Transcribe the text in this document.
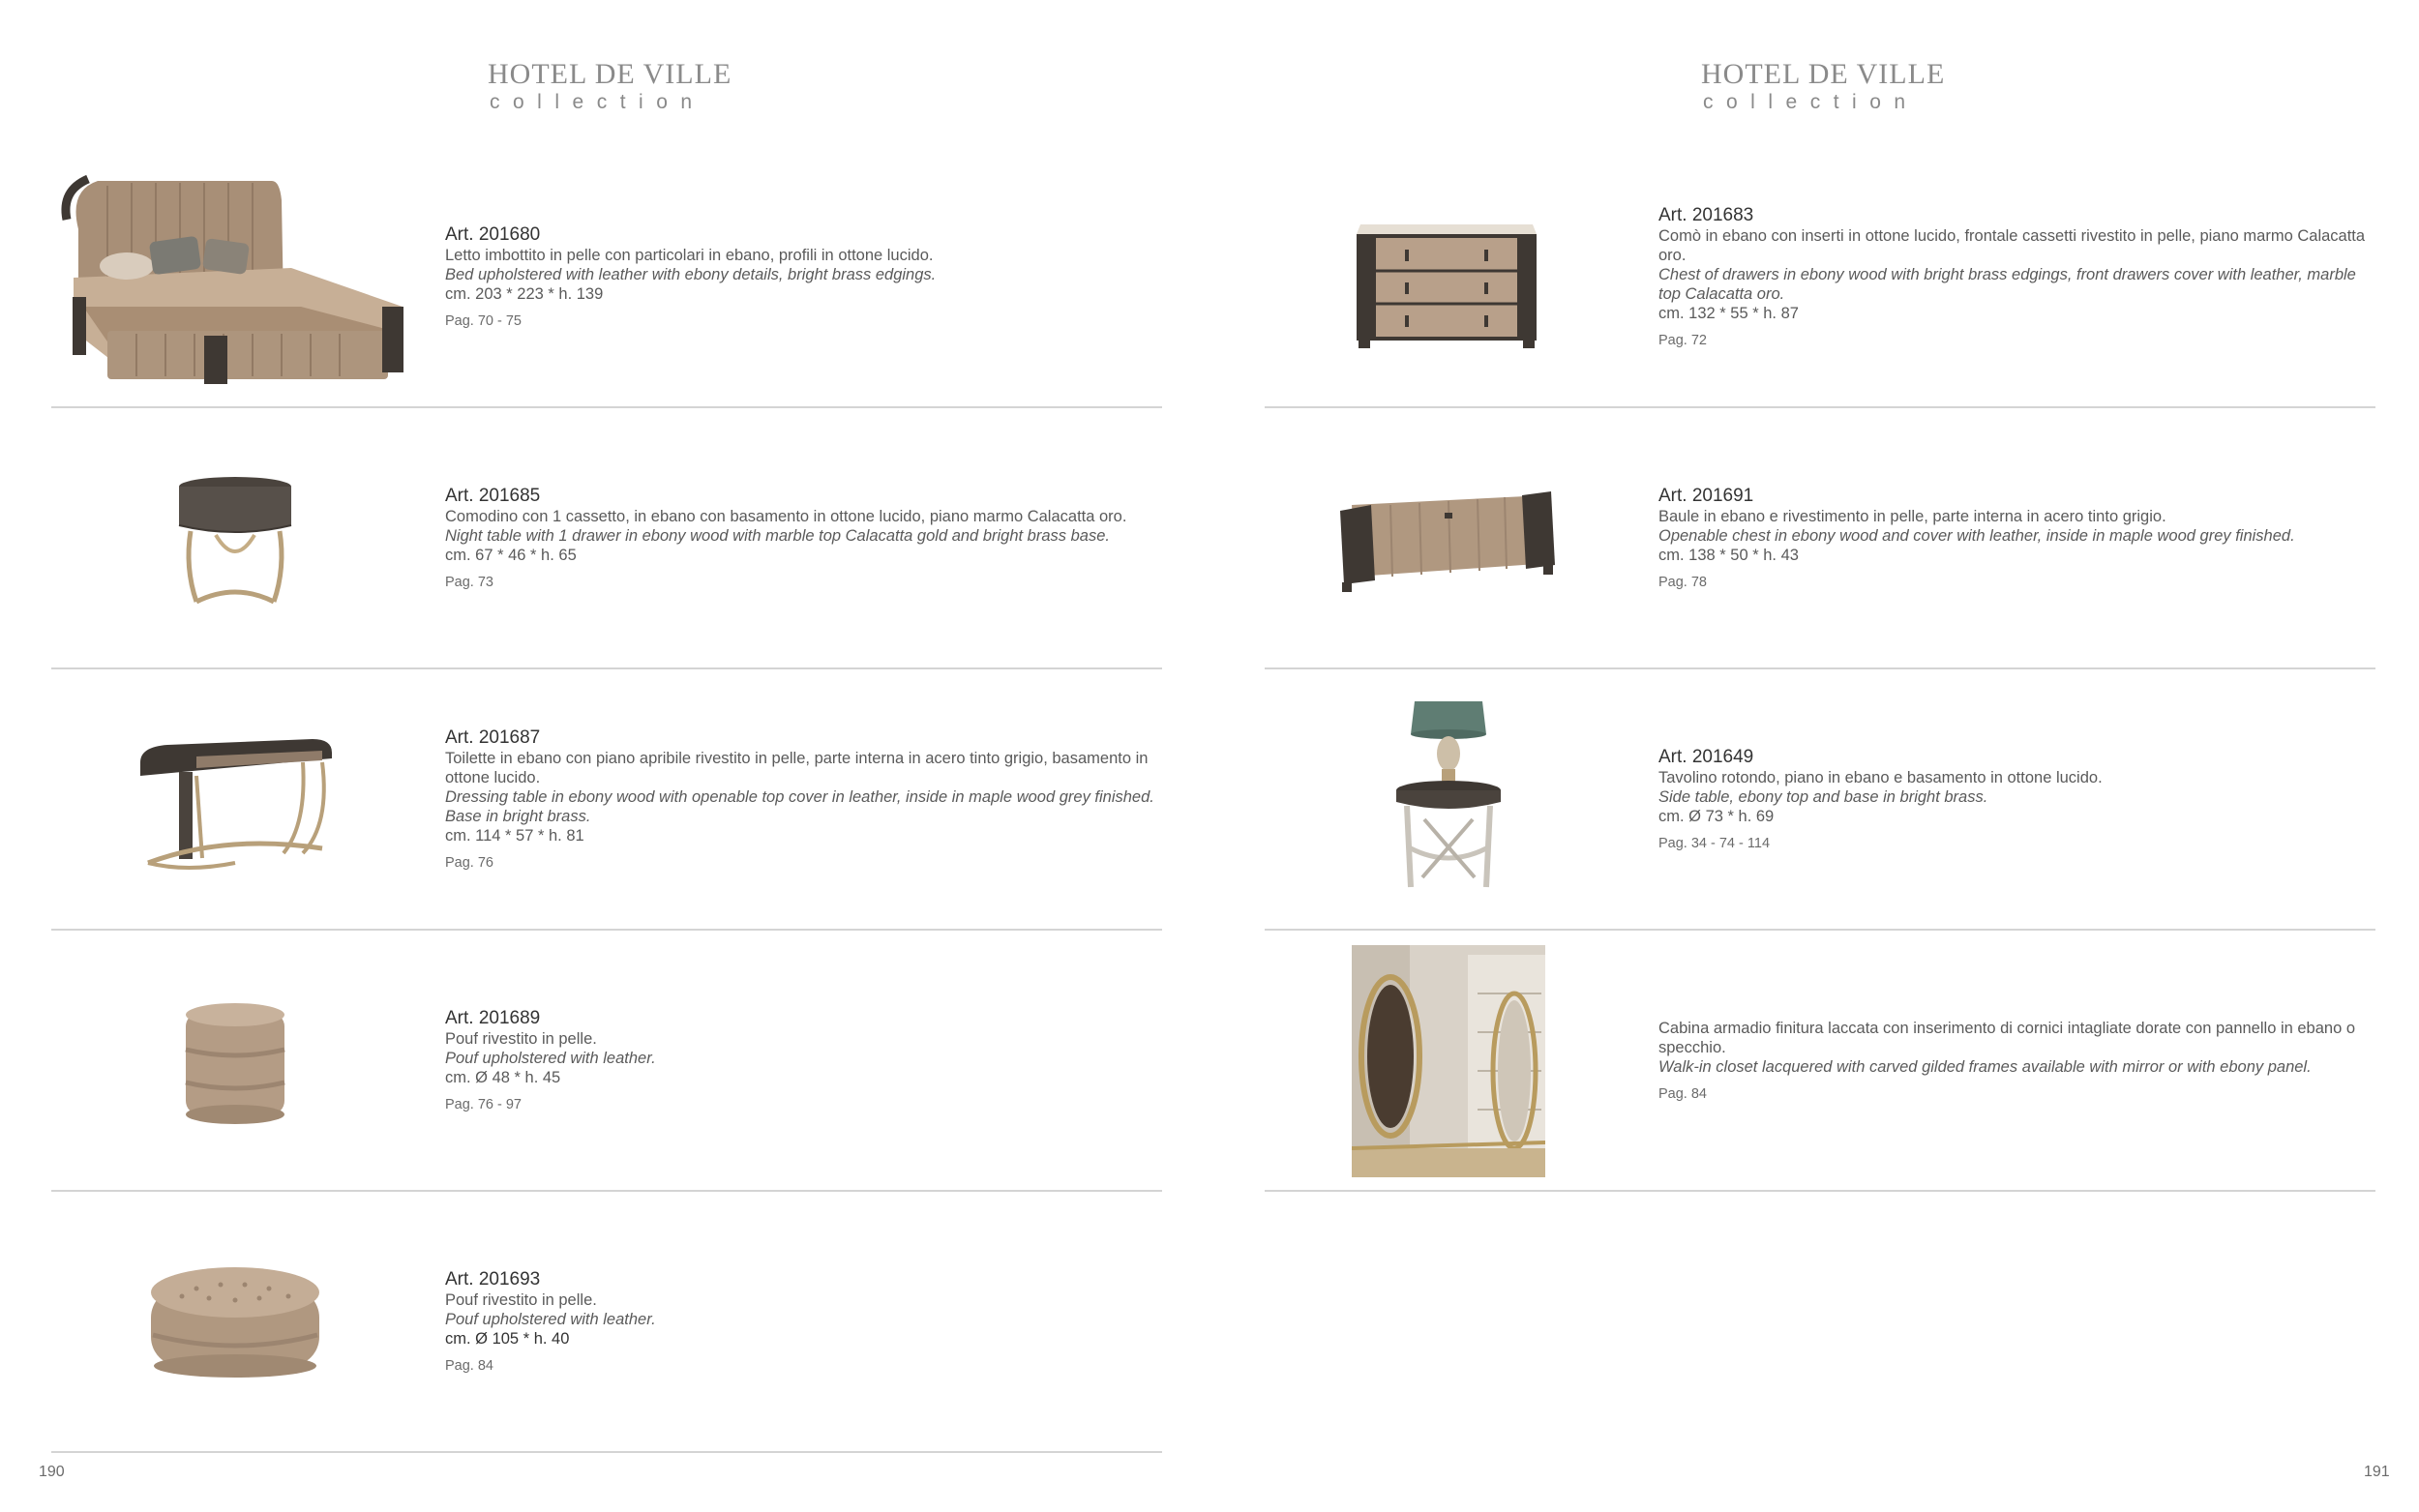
HOTEL DE VILLE
collection
Art. 201680
Letto imbottito in pelle con particolari in ebano, profili in ottone lucido.
Bed upholstered with leather with ebony details, bright brass edgings.
cm. 203 * 223 * h. 139
Pag. 70 - 75
Art. 201685
Comodino con 1 cassetto, in ebano con basamento in ottone lucido, piano marmo Calacatta oro.
Night table with 1 drawer in ebony wood with marble top Calacatta gold and bright brass base.
cm. 67 * 46 * h. 65
Pag. 73
Art. 201687
Toilette in ebano con piano apribile rivestito in pelle, parte interna in acero tinto grigio, basamento in ottone lucido.
Dressing table in ebony wood with openable top cover in leather, inside in maple wood grey finished. Base in bright brass.
cm. 114 * 57 * h. 81
Pag. 76
Art. 201689
Pouf rivestito in pelle.
Pouf upholstered with leather.
cm. Ø 48 * h. 45
Pag. 76 - 97
Art. 201693
Pouf rivestito in pelle.
Pouf upholstered with leather.
cm. Ø 105 * h. 40
Pag. 84
190
HOTEL DE VILLE
collection
Art. 201683
Comò in ebano con inserti in ottone lucido, frontale cassetti rivestito in pelle, piano marmo Calacatta oro.
Chest of drawers in ebony wood with bright brass edgings, front drawers cover with leather, marble top Calacatta oro.
cm. 132 * 55 * h. 87
Pag. 72
Art. 201691
Baule in ebano e rivestimento in pelle, parte interna in acero tinto grigio.
Openable chest in ebony wood and cover with leather, inside in maple wood grey finished.
cm. 138 * 50 * h. 43
Pag. 78
Art. 201649
Tavolino rotondo, piano in ebano e basamento in ottone lucido.
Side table, ebony top and base in bright brass.
cm. Ø 73 * h. 69
Pag. 34 - 74 - 114
Cabina armadio finitura laccata con inserimento di cornici intagliate dorate con pannello in ebano o specchio.
Walk-in closet lacquered with carved gilded frames available with mirror or with ebony panel.
Pag. 84
191
